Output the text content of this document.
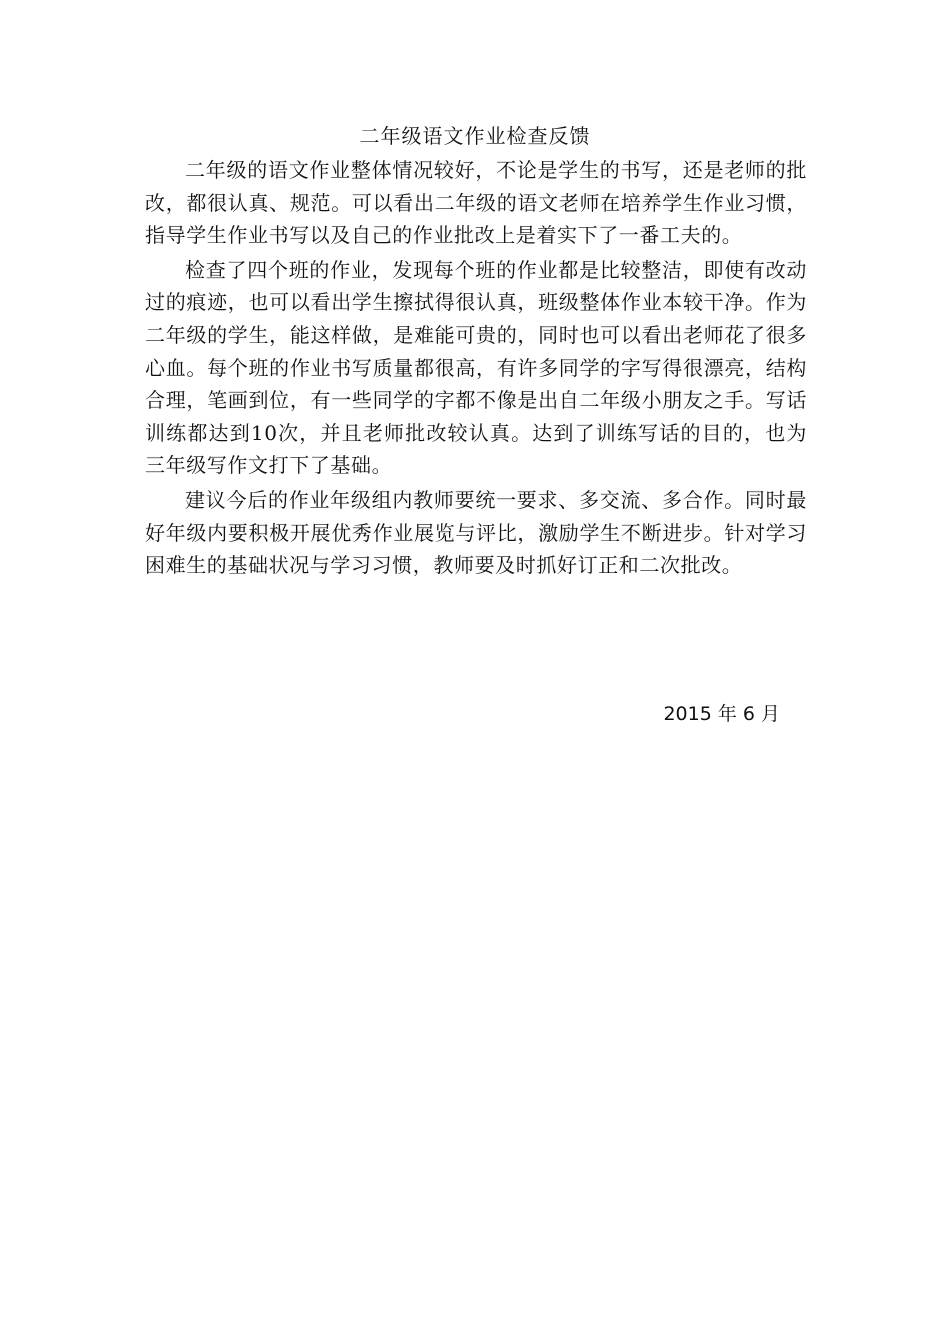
二年级语文作业检查反馈

二年级的语文作业整体情况较好，不论是学生的书写，还是老师的批改，都很认真、规范。可以看出二年级的语文老师在培养学生作业习惯，指导学生作业书写以及自己的作业批改上是着实下了一番工夫的。

检查了四个班的作业，发现每个班的作业都是比较整洁，即使有改动过的痕迹，也可以看出学生擦拭得很认真，班级整体作业本较干净。作为二年级的学生，能这样做，是难能可贵的，同时也可以看出老师花了很多心血。每个班的作业书写质量都很高，有许多同学的字写得很漂亮，结构合理，笔画到位，有一些同学的字都不像是出自二年级小朋友之手。写话训练都达到10次，并且老师批改较认真。达到了训练写话的目的，也为三年级写作文打下了基础。

建议今后的作业年级组内教师要统一要求、多交流、多合作。同时最好年级内要积极开展优秀作业展览与评比，激励学生不断进步。针对学习困难生的基础状况与学习习惯，教师要及时抓好订正和二次批改。

2015 年 6 月
